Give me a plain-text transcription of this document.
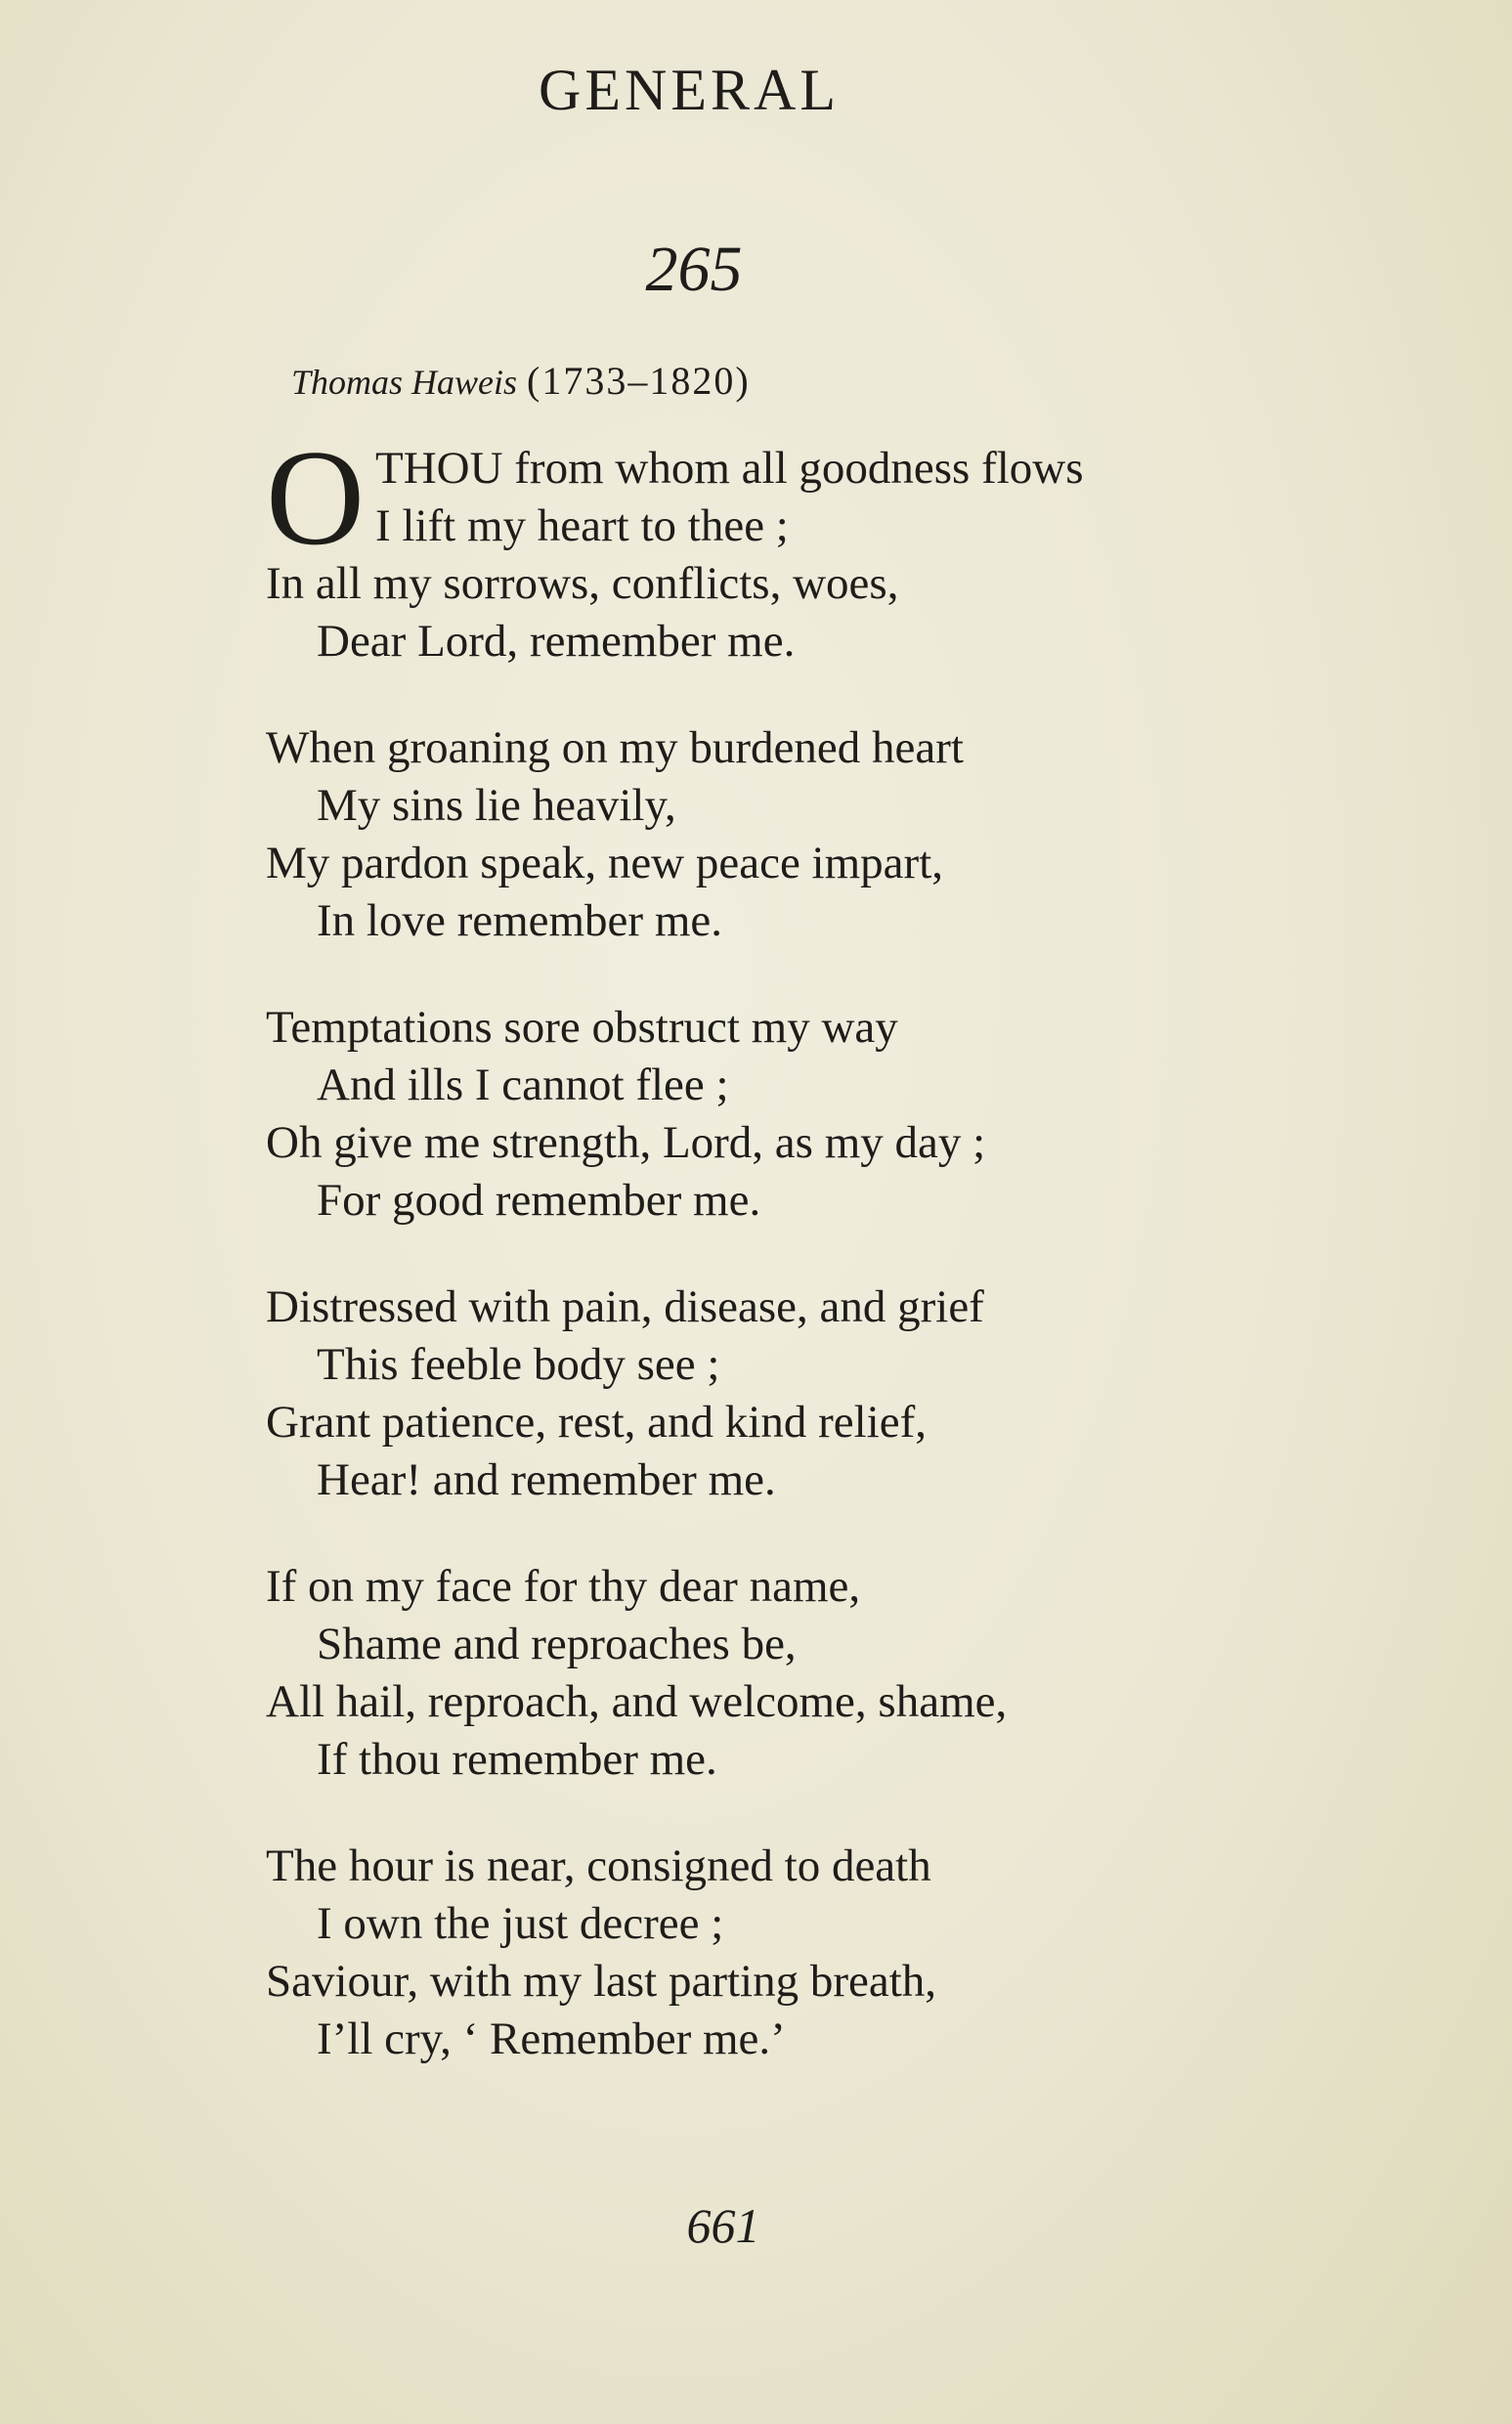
GENERAL
265
Thomas Haweis (1733–1820)
O THOU from whom all goodness flows
I lift my heart to thee ;
In all my sorrows, conflicts, woes,
Dear Lord, remember me.
When groaning on my burdened heart
My sins lie heavily,
My pardon speak, new peace impart,
In love remember me.
Temptations sore obstruct my way
And ills I cannot flee ;
Oh give me strength, Lord, as my day ;
For good remember me.
Distressed with pain, disease, and grief
This feeble body see ;
Grant patience, rest, and kind relief,
Hear! and remember me.
If on my face for thy dear name,
Shame and reproaches be,
All hail, reproach, and welcome, shame,
If thou remember me.
The hour is near, consigned to death
I own the just decree ;
Saviour, with my last parting breath,
I’ll cry, ‘ Remember me.’
661
